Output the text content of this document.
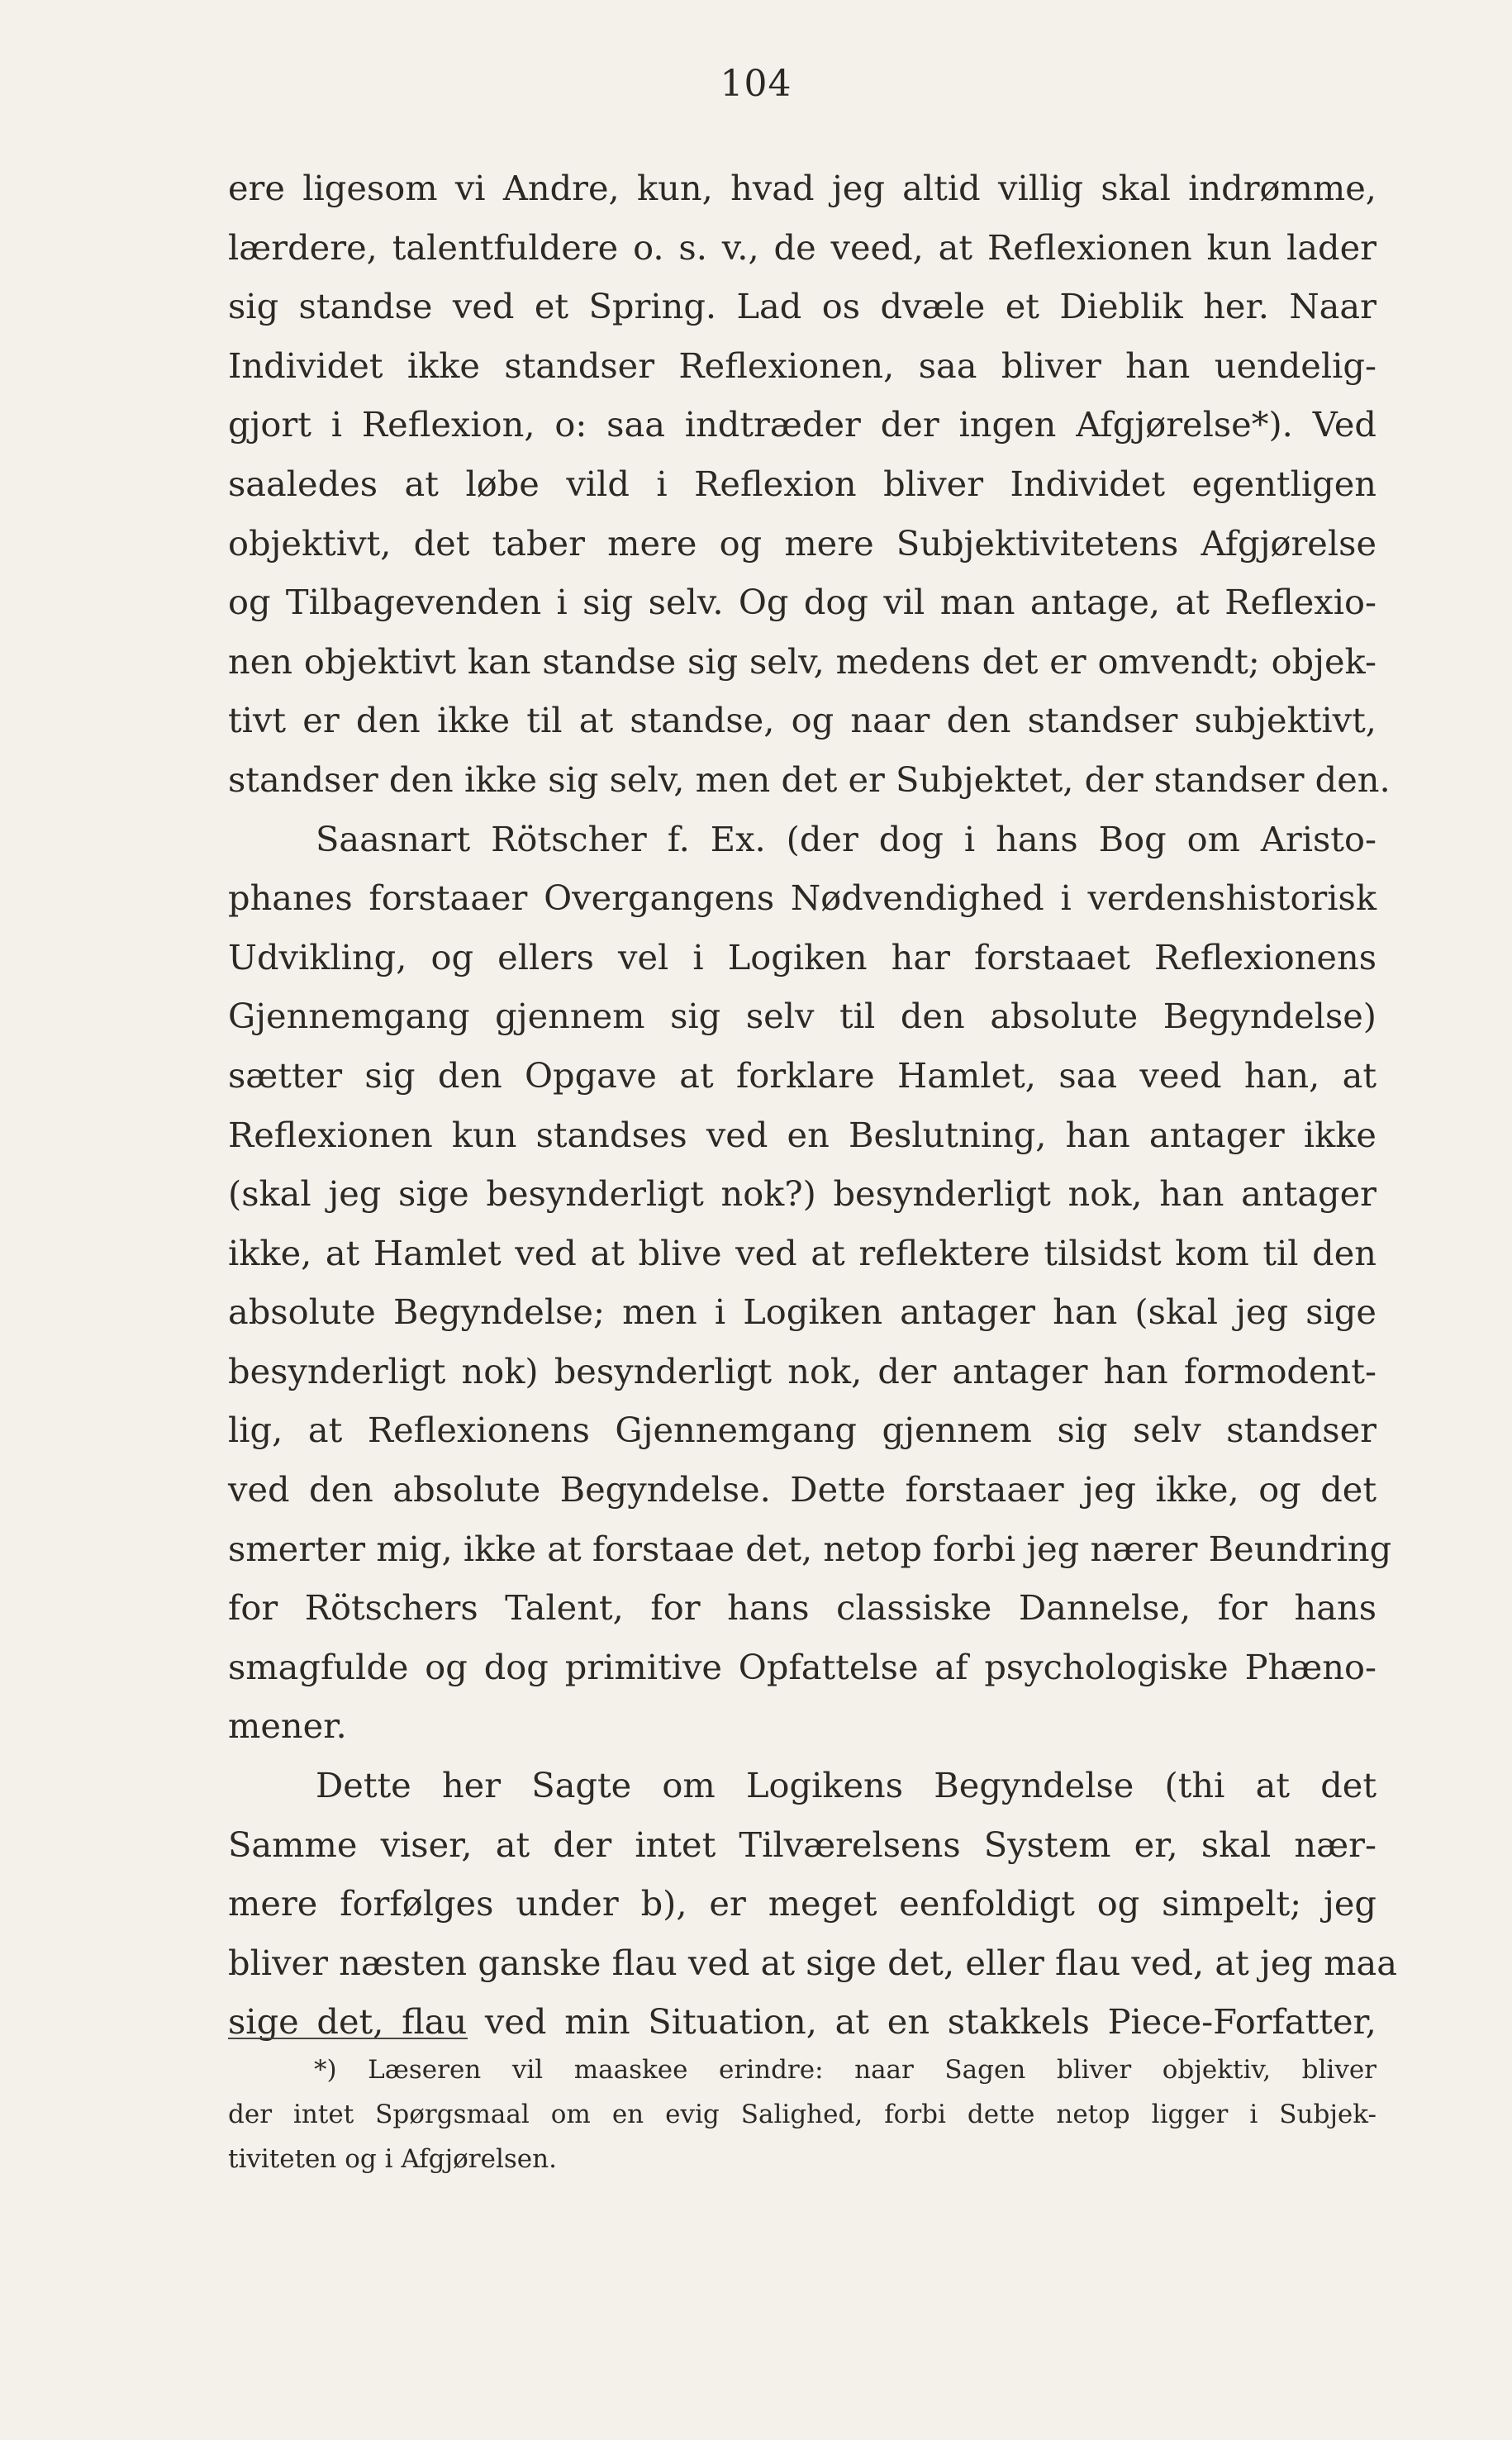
104
ere ligesom vi Andre, kun, hvad jeg altid villig skal indrømme,
lærdere, talentfuldere o. s. v., de veed, at Reflexionen kun lader
sig standse ved et Spring. Lad os dvæle et Dieblik her. Naar
Individet ikke standser Reflexionen, saa bliver han uendelig-
gjort i Reflexion, o: saa indtræder der ingen Afgjørelse*). Ved
saaledes at løbe vild i Reflexion bliver Individet egentligen
objektivt, det taber mere og mere Subjektivitetens Afgjørelse
og Tilbagevenden i sig selv. Og dog vil man antage, at Reflexio-
nen objektivt kan standse sig selv, medens det er omvendt; objek-
tivt er den ikke til at standse, og naar den standser subjektivt,
standser den ikke sig selv, men det er Subjektet, der standser den.
Saasnart Rötscher f. Ex. (der dog i hans Bog om Aristo-
phanes forstaaer Overgangens Nødvendighed i verdenshistorisk
Udvikling, og ellers vel i Logiken har forstaaet Reflexionens
Gjennemgang gjennem sig selv til den absolute Begyndelse)
sætter sig den Opgave at forklare Hamlet, saa veed han, at
Reflexionen kun standses ved en Beslutning, han antager ikke
(skal jeg sige besynderligt nok?) besynderligt nok, han antager
ikke, at Hamlet ved at blive ved at reflektere tilsidst kom til den
absolute Begyndelse; men i Logiken antager han (skal jeg sige
besynderligt nok) besynderligt nok, der antager han formodent-
lig, at Reflexionens Gjennemgang gjennem sig selv standser
ved den absolute Begyndelse. Dette forstaaer jeg ikke, og det
smerter mig, ikke at forstaae det, netop forbi jeg nærer Beundring
for Rötschers Talent, for hans classiske Dannelse, for hans
smagfulde og dog primitive Opfattelse af psychologiske Phæno-
mener.
Dette her Sagte om Logikens Begyndelse (thi at det
Samme viser, at der intet Tilværelsens System er, skal nær-
mere forfølges under b), er meget eenfoldigt og simpelt; jeg
bliver næsten ganske flau ved at sige det, eller flau ved, at jeg maa
sige det, flau ved min Situation, at en stakkels Piece-Forfatter,
*) Læseren vil maaskee erindre: naar Sagen bliver objektiv, bliver
der intet Spørgsmaal om en evig Salighed, forbi dette netop ligger i Subjek-
tiviteten og i Afgjørelsen.
